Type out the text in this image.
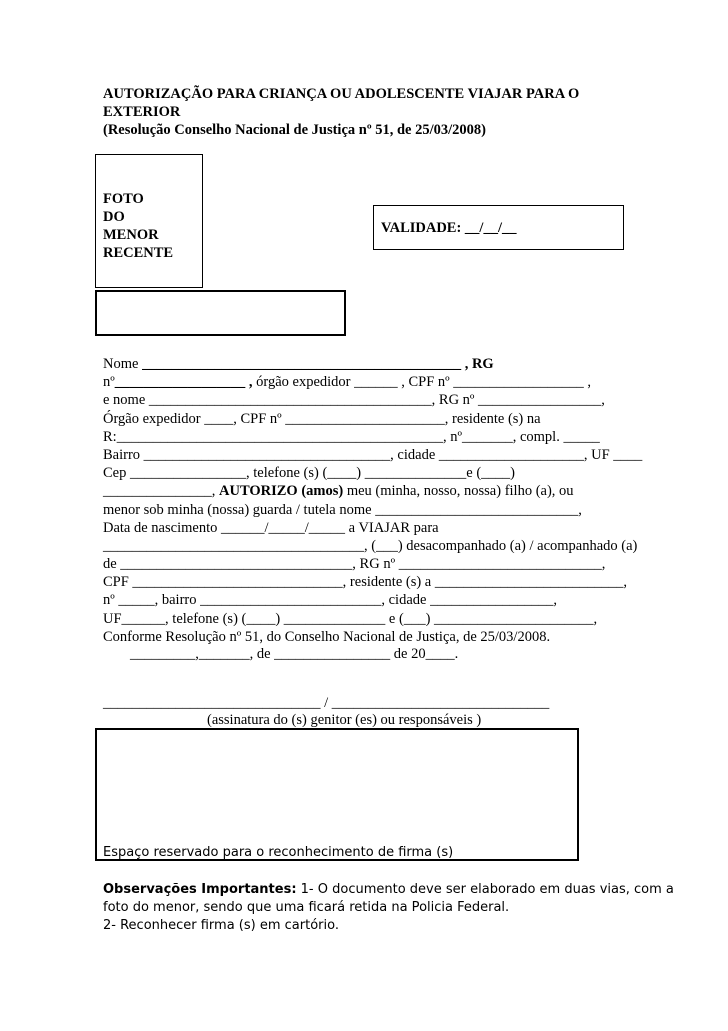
AUTORIZAÇÃO PARA CRIANÇA OU ADOLESCENTE VIAJAR PARA O
EXTERIOR
(Resolução Conselho Nacional de Justiça nº 51, de 25/03/2008)
FOTO
DO
MENOR
RECENTE
VALIDADE: __/__/__
Nome ____________________________________________ , RG
nº__________________ , órgão expedidor ______ , CPF nº __________________ ,
e nome _______________________________________, RG nº _________________,
Órgão expedidor ____, CPF nº ______________________, residente (s) na
R:_____________________________________________, nº_______, compl. _____
Bairro __________________________________, cidade ____________________, UF ____
Cep ________________, telefone (s) (____) ______________e (____)
_______________, AUTORIZO (amos) meu (minha, nosso, nossa) filho (a), ou
menor sob minha (nossa) guarda / tutela nome ____________________________,
Data de nascimento ______/_____/_____ a VIAJAR para
____________________________________, (___) desacompanhado (a) / acompanhado (a)
de ________________________________, RG nº ____________________________,
CPF _____________________________, residente (s) a __________________________,
nº _____, bairro _________________________, cidade _________________,
UF______, telefone (s) (____) ______________ e (___) ______________________,
Conforme Resolução nº 51, do Conselho Nacional de Justiça, de 25/03/2008.
_________,_______, de ________________ de 20____.
______________________________ / ______________________________
(assinatura do (s) genitor (es) ou responsáveis )
Espaço reservado para o reconhecimento de firma (s)
Observações Importantes: 1- O documento deve ser elaborado em duas vias, com a
foto do menor, sendo que uma ficará retida na Policia Federal.
2- Reconhecer firma (s) em cartório.
